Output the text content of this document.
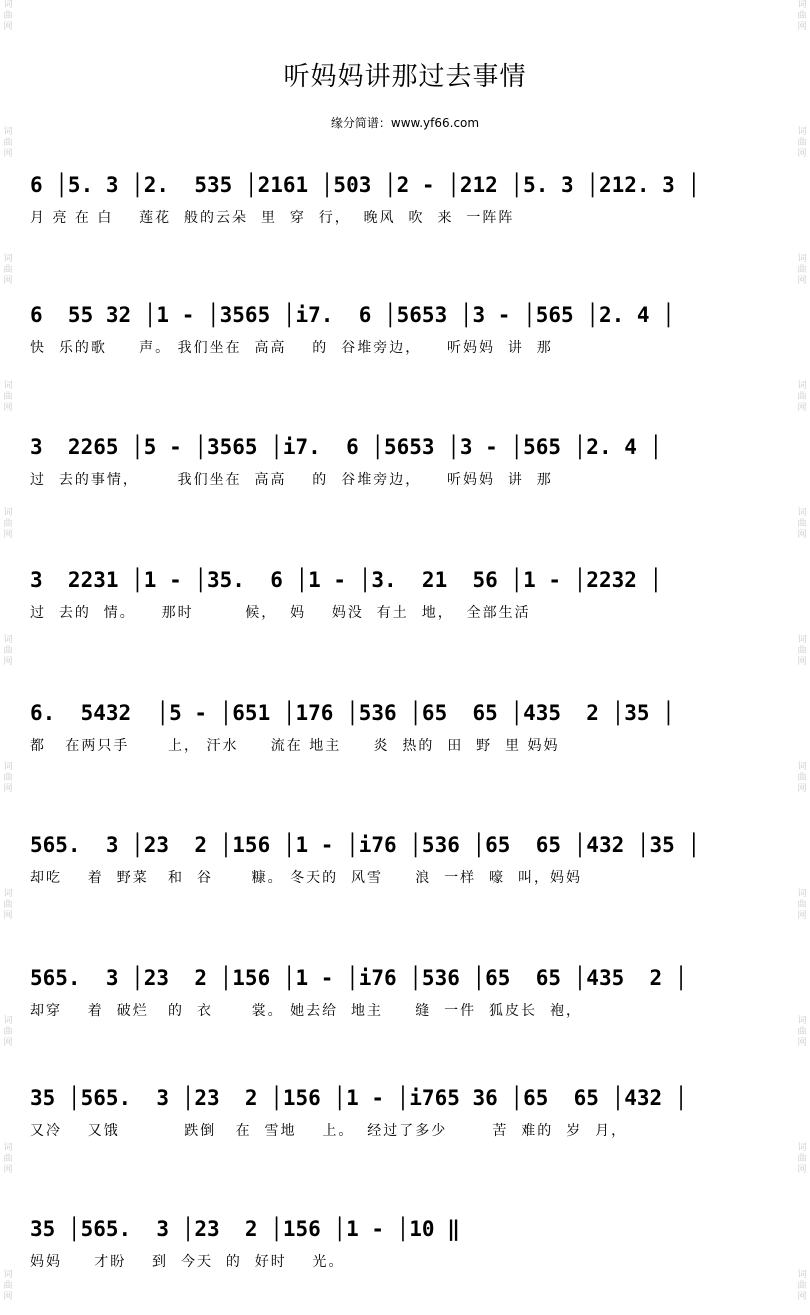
词曲网
词曲网
词曲网
词曲网
词曲网
词曲网
词曲网
词曲网
词曲网
词曲网
词曲网
词曲网
词曲网
词曲网
词曲网
词曲网
词曲网
词曲网
词曲网
词曲网
词曲网
词曲网
听妈妈讲那过去事情
缘分简谱：www.yf66.com
6 │5. 3 │2.  535 │2161 │503 │2 - │212 │5. 3 │212. 3 │
月 亮 在 白    莲花  般的云朵  里  穿  行，  晚风  吹  来  一阵阵
6  55 32 │1 - │3565 │i7.  6 │5653 │3 - │565 │2. 4 │
快  乐的歌     声。 我们坐在  高高    的  谷堆旁边，    听妈妈  讲  那
3  2265 │5 - │3565 │i7.  6 │5653 │3 - │565 │2. 4 │
过  去的事情，      我们坐在  高高    的  谷堆旁边，    听妈妈  讲  那
3  2231 │1 - │35.  6 │1 - │3.  21  56 │1 - │2232 │
过  去的  情。    那时        候，  妈    妈没  有土  地，  全部生活
6.  5432  │5 - │651 │176 │536 │65  65 │435  2 │35 │
都   在两只手      上， 汗水     流在 地主     炎  热的  田  野  里 妈妈
565.  3 │23  2 │156 │1 - │i76 │536 │65  65 │432 │35 │
却吃    着  野菜   和  谷      糠。 冬天的  风雪     浪  一样  嚎  叫，妈妈
565.  3 │23  2 │156 │1 - │i76 │536 │65  65 │435  2 │
却穿    着  破烂   的  衣      裳。 她去给  地主     缝  一件  狐皮长  袍，
35 │565.  3 │23  2 │156 │1 - │i765 36 │65  65 │432 │
又冷    又饿          跌倒   在  雪地    上。  经过了多少       苦  难的  岁  月，
35 │565.  3 │23  2 │156 │1 - │10 ‖
妈妈     才盼    到  今天  的  好时    光。
